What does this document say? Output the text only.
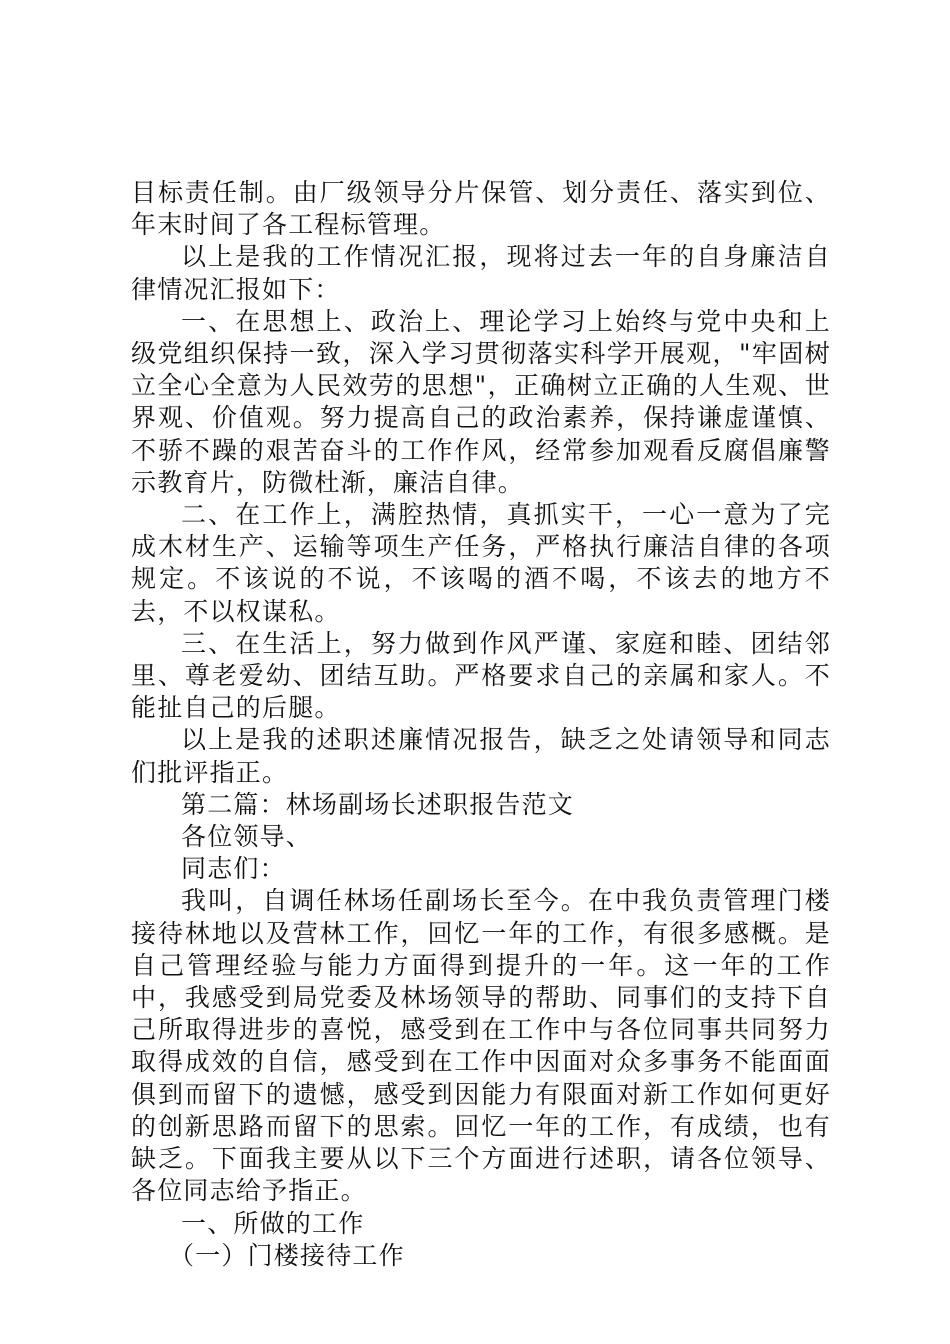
目标责任制。由厂级领导分片保管、划分责任、落实到位、年末时间了各工程标管理。

以上是我的工作情况汇报，现将过去一年的自身廉洁自律情况汇报如下：

一、在思想上、政治上、理论学习上始终与党中央和上级党组织保持一致，深入学习贯彻落实科学开展观，"牢固树立全心全意为人民效劳的思想"，正确树立正确的人生观、世界观、价值观。努力提高自己的政治素养，保持谦虚谨慎、不骄不躁的艰苦奋斗的工作作风，经常参加观看反腐倡廉警示教育片，防微杜渐，廉洁自律。

二、在工作上，满腔热情，真抓实干，一心一意为了完成木材生产、运输等项生产任务，严格执行廉洁自律的各项规定。不该说的不说，不该喝的酒不喝，不该去的地方不去，不以权谋私。

三、在生活上，努力做到作风严谨、家庭和睦、团结邻里、尊老爱幼、团结互助。严格要求自己的亲属和家人。不能扯自己的后腿。

以上是我的述职述廉情况报告，缺乏之处请领导和同志们批评指正。

第二篇：林场副场长述职报告范文

各位领导、

同志们：

我叫，自调任林场任副场长至今。在中我负责管理门楼接待林地以及营林工作，回忆一年的工作，有很多感概。是自己管理经验与能力方面得到提升的一年。这一年的工作中，我感受到局党委及林场领导的帮助、同事们的支持下自己所取得进步的喜悦，感受到在工作中与各位同事共同努力取得成效的自信，感受到在工作中因面对众多事务不能面面俱到而留下的遗憾，感受到因能力有限面对新工作如何更好的创新思路而留下的思索。回忆一年的工作，有成绩，也有缺乏。下面我主要从以下三个方面进行述职，请各位领导、各位同志给予指正。

一、所做的工作

（一）门楼接待工作
